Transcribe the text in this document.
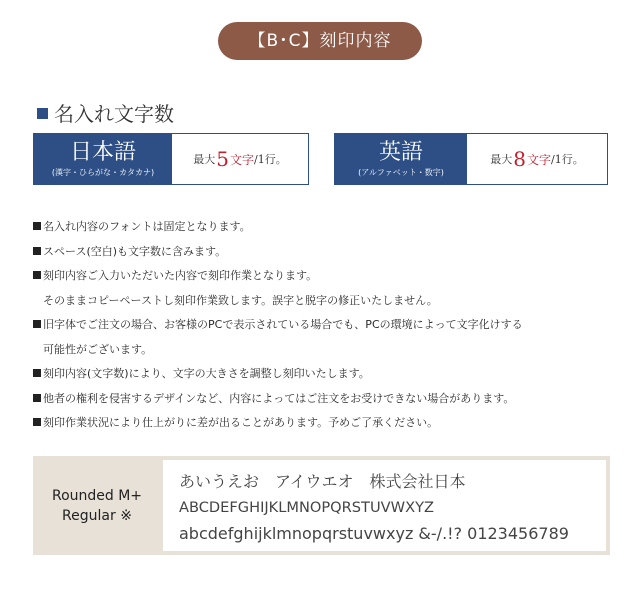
【B･C】刻印内容
名入れ文字数
日本語
(漢字・ひらがな・カタカナ)
最大 5 文字 /1行。	英語
(アルファベット・数字)
最大 8 文字 /1行。
名入れ内容のフォントは固定となります。
スペース(空白)も文字数に含みます。
刻印内容ご入力いただいた内容で刻印作業となります。
そのままコピーペーストし刻印作業致します。誤字と脱字の修正いたしません。
旧字体でご注文の場合、お客様のPCで表示されている場合でも、PCの環境によって文字化けする
可能性がございます。
刻印内容(文字数)により、文字の大きさを調整し刻印いたします。
他者の権利を侵害するデザインなど、内容によってはご注文をお受けできない場合があります。
刻印作業状況により仕上がりに差が出ることがあります。予めご了承ください。
Rounded M+
Regular ※
あいうえお　アイウエオ　株式会社日本
ABCDEFGHIJKLMNOPQRSTUVWXYZ
abcdefghijklmnopqrstuvwxyz &-/.!? 0123456789
